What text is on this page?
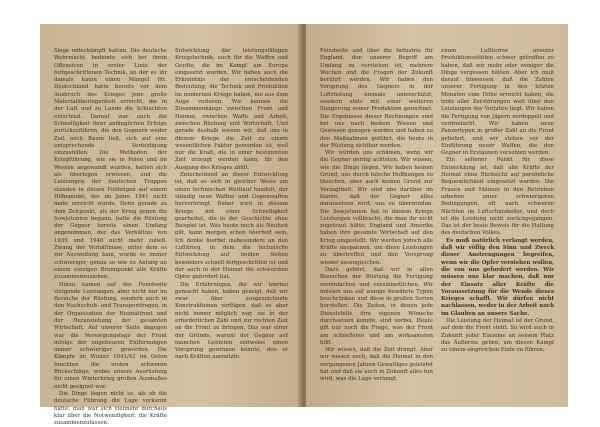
Siege miterkämpft hatten. Die deutsche Wehrmacht bediente sich bei ihren Offensiven in erster Linie der fortgeschrittenen Technik, an der es ihr damals kaum einen Mangel litt. Deutschland hatte bereits vor dem Ausbruch des Krieges jene große Materialüberlegenheit erreicht, die in der Luft und zu Lande die Schlachten entschied. Darauf war auch die Schnelligkeit ihrer anfänglichen Erfolge zurückzuführen, die den Gegnern weder Zeit noch Raum ließ, sich auf eine entsprechende Verteidigung einzustellen. Die Methoden der Kriegführung, wie sie in Polen und im Westen angewandt wurden, hatten sich als überlegen erwiesen, und die Leistungen der deutschen Truppen standen in diesen Feldzügen auf einem Höhepunkt, der im Jahre 1941 nicht mehr erreicht wurde. Denn gerade zu dem Zeitpunkt, als der Krieg gegen die Sowjetunion begann, hatte die Rüstung der Gegner bereits einen Umfang angenommen, der das Verhältnis von 1939 und 1940 nicht mehr zuließ. Zwang der Verhältnisse, unter dem es zur Ausweitung kam, wurde es immer schwieriger, genau so wie zu Anfang an einem einzigen Brennpunkt alle Kräfte zusammenzuziehen.

Hinzu kamen auf der Feindseite steigende Leistungen, aber nicht nur im Bereiche der Rüstung, sondern auch in den Nachschub- und Transportfragen, in der Organisation der Heimatfront und der Heranziehung der gesamten Wirtschaft. Auf unserer Seite dagegen war die Versorgungslage der Front infolge der ungeheuren Entfernungen immer schwieriger geworden. Die Kämpfe im Winter 1941/42 im Osten brachten die ersten schweren Rückschläge, wobei unsere Ausrüstung für einen Winterkrieg großen Ausmaßes nicht geeignet war.

Die Dinge liegen nicht so, als ob die deutsche Führung die Lage verkannt hätte; man war sich vielmehr durchaus klar über die Notwendigkeit, die Kräfte zusammenzufassen.

Entwicklung der leistungsfähigen Kriegstechnik, auch für die Waffen und Geräte, die im Kampf um Europa eingesetzt wurden. Wir haben auch die Erkenntnis der entscheidenden Bedeutung, die Technik und Produktion im modernen Kriege haben, nie aus dem Auge verloren. Wir kennen die Zusammenhänge zwischen Front und Heimat, zwischen Waffe und Arbeit, zwischen Rüstung und Wirtschaft. Und gerade deshalb wissen wir, daß uns in diesem Kriege die Zeit zu einem wesentlichen Faktor geworden ist, weil nur die Kraft, die in einer bestimmten Zeit erzeugt werden kann, für den Ausgang des Krieges zählt.

Entscheidend an dieser Entwicklung ist, daß es sich in gleicher Weise um einen technischen Wettlauf handelt, der ständig neue Waffen und Gegenwaffen hervorbringt. Daher wird in diesem Kriege mit einer Schnelligkeit gearbeitet, die in der Geschichte ohne Beispiel ist. Was heute noch als Neuheit gilt, kann morgen schon überholt sein. Ich denke hierbei insbesondere an den Luftkrieg, in dem die technische Entwicklung auf beiden Seiten besonders schnell fortgeschritten ist und der auch in der Heimat die schwersten Opfer gefordert hat.

Die Erfahrungen, die wir hierbei gemacht haben, haben gezeigt, daß wir zwar über ausgezeichnete Konstruktionen verfügen, daß es aber nicht immer möglich war, sie in der erforderlichen Zahl und zur rechten Zeit an die Front zu bringen. Das war einer der Gründe, warum der Gegner auf manchen Gebieten zeitweise einen Vorsprung gewinnen konnte, den er nach Kräften ausnutzte.

Feindseite und über die Industrie für England, den unserer Begriff am Umfang zu verstehen ist, mehrere Wochen und die Fragen der Zukunft berührt werden. Wir haben den Vorsprung des Gegners in der Luftrüstung niemals unterschätzt, sondern stets mit einer weiteren Steigerung seiner Produktion gerechnet. Die Ergebnisse dieser Rechnungen sind bei uns nach bestem Wissen und Gewissen gezogen worden und haben zu den Maßnahmen geführt, die heute in der Rüstung sichtbar werden.

Wir würden uns schämen, wenn wir die Gegner gering achteten. Wir wissen, wie die Dinge liegen. Wir haben keinen Grund, uns durch falsche Hoffnungen zu täuschen, aber auch keinen Grund zur Verzagtheit. Wir sind uns darüber im klaren, daß der Gegner alles daransetzen wird, uns zu überwinden. Die Sowjetunion hat in diesem Kriege Leistungen vollbracht, die man ihr nicht zugetraut hätte; England und Amerika haben ihre gesamte Wirtschaft auf den Krieg umgestellt. Wir werden jedoch alle Kräfte anspannen, um diese Leistungen zu übertreffen und den Vorsprung wieder auszugleichen.

Dazu gehört, daß wir in allen Bereichen der Rüstung die Fertigung vereinfachen und vereinheitlichen. Wir müssen uns auf wenige bewährte Typen beschränken und diese in großen Serien herstellen. Die Zeiten, in denen jede Dienststelle ihre eigenen Wünsche durchsetzen konnte, sind vorbei. Heute gilt nur noch die Frage, was der Front am schnellsten und am wirksamsten hilft.

Wir wissen, daß die Zeit drängt. Aber wir wissen auch, daß die Heimat in den vergangenen Jahren Gewaltiges geleistet hat und daß sie auch in Zukunft alles tun wird, was die Lage verlangt.

einen Luftterror unserer Produktionsstätten schwer getroffen zu haben, daß wir mehr oder weniger die Dinge vergessen hätten. Aber ich muß darauf hinweisen, daß die Zahlen unserer Fertigung in den letzten Monaten eine Höhe erreicht haben, die trotz aller Zerstörungen weit über den Leistungen der Vorjahre liegt. Wir haben die Fertigung von Jägern verdoppelt und verdreifacht. Wir haben neue Panzertypen in großer Zahl an die Front geliefert, und wir stehen vor der Einführung neuer Waffen, die den Gegner in Erstaunen versetzen werden.

Ein seltener Punkt für diese Entwicklung ist, daß alle Kräfte der Heimat ohne Rücksicht auf persönliche Bequemlichkeit eingesetzt werden. Die Frauen und Männer in den Betrieben arbeiten unter schwierigsten Bedingungen, oft nach schweren Nächten im Luftschutzkeller, und doch ist die Leistung nicht zurückgegangen. Das ist der beste Beweis für die Haltung des deutschen Volkes.

Es muß natürlich verlangt werden, daß wir völlig den Sinn und Zweck dieser Anstrengungen begreifen, wenn wir die Opfer verstehen wollen, die von uns gefordert werden. Wir müssen uns klar machen, daß nur der Einsatz aller Kräfte die Voraussetzung für die Wende dieses Krieges schafft. Wir dürfen nicht nachlassen, weder in der Arbeit noch im Glauben an unsere Sache.

Die Leistung der Heimat ist der Grund, auf dem die Front steht. So wird auch in Zukunft jeder Einzelne an seinem Platz das Äußerste geben, um diesen Kampf zu einem siegreichen Ende zu führen.
